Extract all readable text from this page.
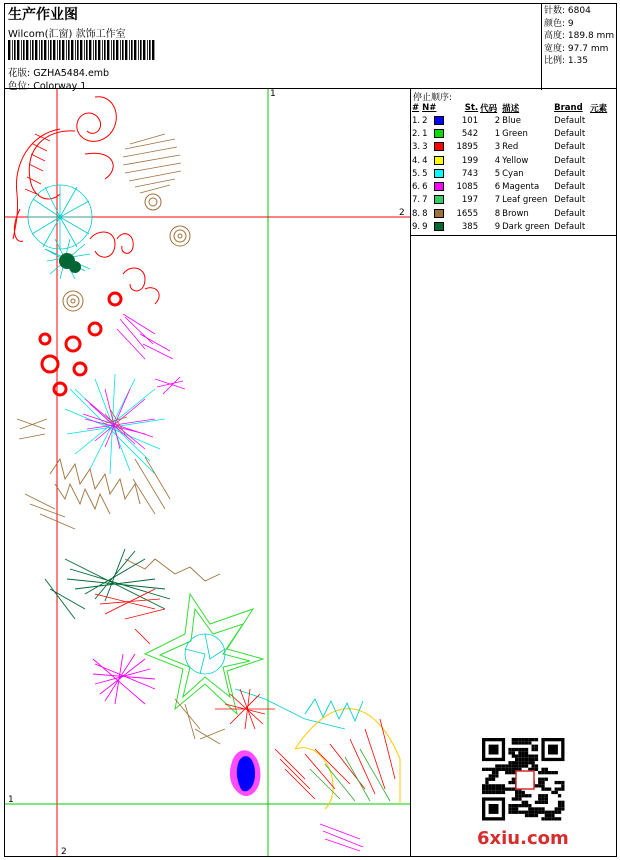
生产作业图
Wilcom(汇窗) 款饰工作室
花版: GZHA5484.emb
色位: Colorway 1
针数: 6804
颜色: 9
高度: 189.8 mm
宽度: 97.7 mm
比例: 1.35
1
2
1
2
停止顺序:
#	N#	St.	代码	描述	Brand	元素
1.	2	101	2	Blue	Default	
2.	1	542	1	Green	Default	
3.	3	1895	3	Red	Default	
4.	4	199	4	Yellow	Default	
5.	5	743	5	Cyan	Default	
6.	6	1085	6	Magenta	Default	
7.	7	197	7	Leaf green	Default	
8.	8	1655	8	Brown	Default	
9.	9	385	9	Dark green	Default	
6xiu.com
